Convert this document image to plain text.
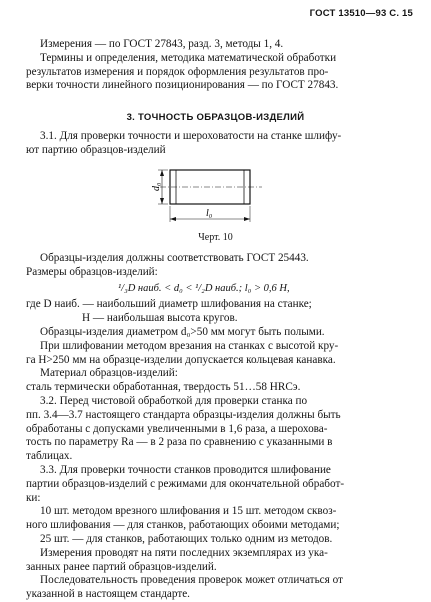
ГОСТ 13510—93 С. 15
Измерения — по ГОСТ 27843, разд. 3, методы 1, 4.
Термины и определения, методика математической обработки
результатов измерения и порядок оформления результатов про-
верки точности линейного позиционирования — по ГОСТ 27843.
3. ТОЧНОСТЬ ОБРАЗЦОВ-ИЗДЕЛИЙ
3.1. Для проверки точности и шероховатости на станке шлифу-
ют партию образцов-изделий
d₀
l₀
Черт. 10
Образцы-изделия должны соответствовать ГОСТ 25443.
Размеры образцов-изделий:
¹/₃D наиб. < d₀ < ¹/₂D наиб.; l₀ > 0,6 H,
где D наиб. — наибольший диаметр шлифования на станке;
H — наибольшая высота кругов.
Образцы-изделия диаметром d₀>50 мм могут быть полыми.
При шлифовании методом врезания на станках с высотой кру-
га H>250 мм на образце-изделии допускается кольцевая канавка.
Материал образцов-изделий:
сталь термически обработанная, твердость 51…58 HRCэ.
3.2. Перед чистовой обработкой для проверки станка по
пп. 3.4—3.7 настоящего стандарта образцы-изделия должны быть
обработаны с допусками увеличенными в 1,6 раза, а шерохова-
тость по параметру Ra — в 2 раза по сравнению с указанными в
таблицах.
3.3. Для проверки точности станков проводится шлифование
партии образцов-изделий с режимами для окончательной обработ-
ки:
10 шт. методом врезного шлифования и 15 шт. методом сквоз-
ного шлифования — для станков, работающих обоими методами;
25 шт. — для станков, работающих только одним из методов.
Измерения проводят на пяти последних экземплярах из ука-
занных ранее партий образцов-изделий.
Последовательность проведения проверок может отличаться от
указанной в настоящем стандарте.
